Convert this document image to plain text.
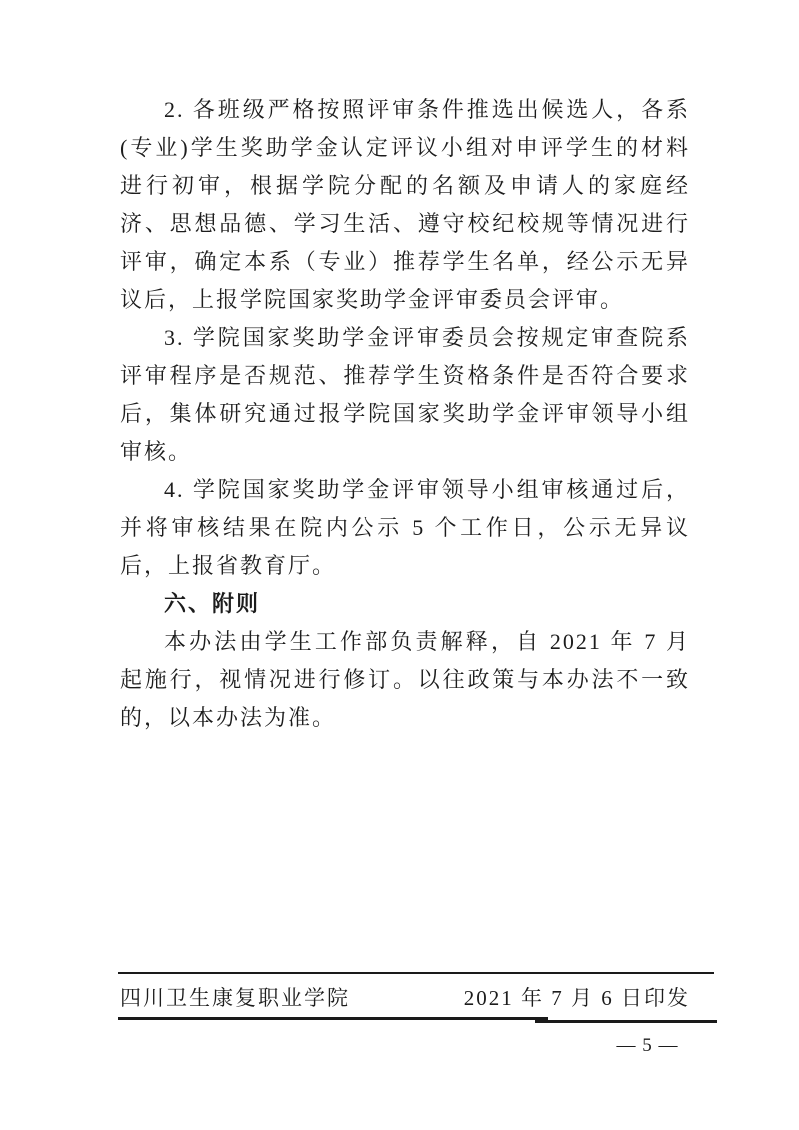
2. 各班级严格按照评审条件推选出候选人，各系(专业)学生奖助学金认定评议小组对申评学生的材料进行初审，根据学院分配的名额及申请人的家庭经济、思想品德、学习生活、遵守校纪校规等情况进行评审，确定本系（专业）推荐学生名单，经公示无异议后，上报学院国家奖助学金评审委员会评审。

3. 学院国家奖助学金评审委员会按规定审查院系评审程序是否规范、推荐学生资格条件是否符合要求后，集体研究通过报学院国家奖助学金评审领导小组审核。

4. 学院国家奖助学金评审领导小组审核通过后，并将审核结果在院内公示 5 个工作日，公示无异议后，上报省教育厅。

六、附则

本办法由学生工作部负责解释，自 2021 年 7 月起施行，视情况进行修订。以往政策与本办法不一致的，以本办法为准。

四川卫生康复职业学院	2021 年 7 月 6 日印发
— 5 —
